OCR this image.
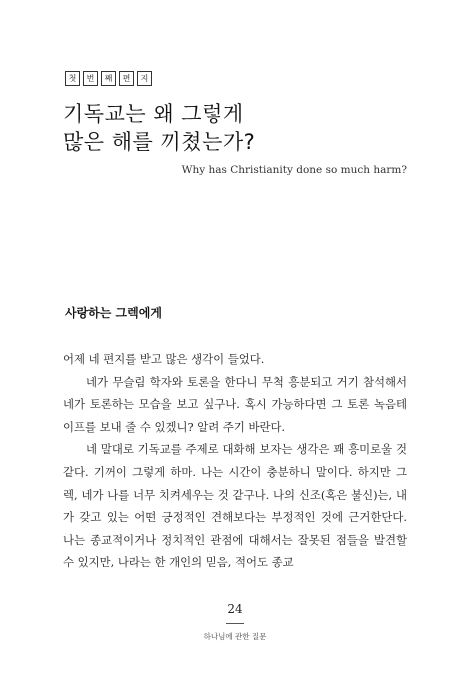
첫	번	째	편	지
기독교는 왜 그렇게
많은 해를 끼쳤는가?
Why has Christianity done so much harm?
사랑하는 그렉에게

어제 네 편지를 받고 많은 생각이 들었다.

네가 무슬림 학자와 토론을 한다니 무척 흥분되고 거기 참석해서 네가 토론하는 모습을 보고 싶구나. 혹시 가능하다면 그 토론 녹음테이프를 보내 줄 수 있겠니? 알려 주기 바란다.

네 말대로 기독교를 주제로 대화해 보자는 생각은 꽤 흥미로울 것 같다. 기꺼이 그렇게 하마. 나는 시간이 충분하니 말이다. 하지만 그렉, 네가 나를 너무 치켜세우는 것 같구나. 나의 신조(혹은 불신)는, 내가 갖고 있는 어떤 긍정적인 견해보다는 부정적인 것에 근거한단다. 나는 종교적이거나 정치적인 관점에 대해서는 잘못된 점들을 발견할 수 있지만, 나라는 한 개인의 믿음, 적어도 종교

24
하나님에 관한 질문
